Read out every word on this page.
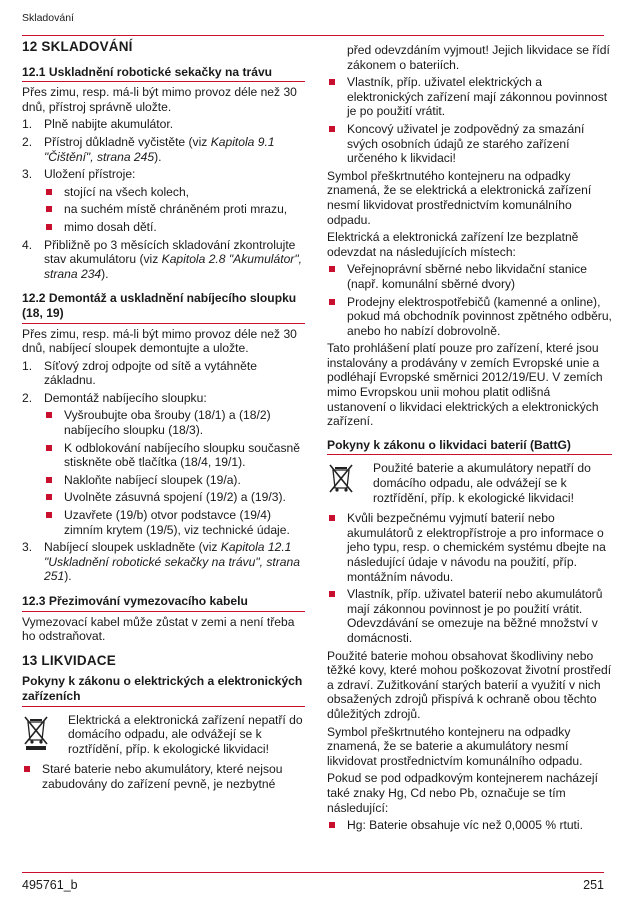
Skladování
12 SKLADOVÁNÍ
12.1 Uskladnění robotické sekačky na trávu
Přes zimu, resp. má-li být mimo provoz déle než 30 dnů, přístroj správně uložte.
1. Plně nabijte akumulátor.
2. Přístroj důkladně vyčistěte (viz Kapitola 9.1 "Čištění", strana 245).
3. Uložení přístroje:
stojící na všech kolech,
na suchém místě chráněném proti mrazu,
mimo dosah dětí.
4. Přibližně po 3 měsících skladování zkontrolujte stav akumulátoru (viz Kapitola 2.8 "Akumulátor", strana 234).
12.2 Demontáž a uskladnění nabíjecího sloupku (18, 19)
Přes zimu, resp. má-li být mimo provoz déle než 30 dnů, nabíjecí sloupek demontujte a uložte.
1. Síťový zdroj odpojte od sítě a vytáhněte základnu.
2. Demontáž nabíjecího sloupku:
Vyšroubujte oba šrouby (18/1) a (18/2) nabíjecího sloupku (18/3).
K odblokování nabíjecího sloupku současně stiskněte obě tlačítka (18/4, 19/1).
Nakloňte nabíjecí sloupek (19/a).
Uvolněte zásuvná spojení (19/2) a (19/3).
Uzavřete (19/b) otvor podstavce (19/4) zimním krytem (19/5), viz technické údaje.
3. Nabíjecí sloupek uskladněte (viz Kapitola 12.1 "Uskladnění robotické sekačky na trávu", strana 251).
12.3 Přezimování vymezovacího kabelu
Vymezovací kabel může zůstat v zemi a není třeba ho odstraňovat.
13 LIKVIDACE
Pokyny k zákonu o elektrických a elektronických zařízeních
Elektrická a elektronická zařízení nepatří do domácího odpadu, ale odvážejí se k roztřídění, příp. k ekologické likvidaci!
Staré baterie nebo akumulátory, které nejsou zabudovány do zařízení pevně, je nezbytné
před odevzdáním vyjmout! Jejich likvidace se řídí zákonem o bateriích.
Vlastník, příp. uživatel elektrických a elektronických zařízení mají zákonnou povinnost je po použití vrátit.
Koncový uživatel je zodpovědný za smazání svých osobních údajů ze starého zařízení určeného k likvidaci!
Symbol přeškrtnutého kontejneru na odpadky znamená, že se elektrická a elektronická zařízení nesmí likvidovat prostřednictvím komunálního odpadu.
Elektrická a elektronická zařízení lze bezplatně odevzdat na následujících místech:
Veřejnoprávní sběrné nebo likvidační stanice (např. komunální sběrné dvory)
Prodejny elektrospotřebičů (kamenné a online), pokud má obchodník povinnost zpětného odběru, anebo ho nabízí dobrovolně.
Tato prohlášení platí pouze pro zařízení, které jsou instalovány a prodávány v zemích Evropské unie a podléhají Evropské směrnici 2012/19/EU. V zemích mimo Evropskou unii mohou platit odlišná ustanovení o likvidaci elektrických a elektronických zařízení.
Pokyny k zákonu o likvidaci baterií (BattG)
Použité baterie a akumulátory nepatří do domácího odpadu, ale odvážejí se k roztřídění, příp. k ekologické likvidaci!
Kvůli bezpečnému vyjmutí baterií nebo akumulátorů z elektropřístroje a pro informace o jeho typu, resp. o chemickém systému dbejte na následující údaje v návodu na použití, příp. montážním návodu.
Vlastník, příp. uživatel baterií nebo akumulátorů mají zákonnou povinnost je po použití vrátit. Odevzdávání se omezuje na běžné množství v domácnosti.
Použité baterie mohou obsahovat škodliviny nebo těžké kovy, které mohou poškozovat životní prostředí a zdraví. Zužitkování starých baterií a využití v nich obsažených zdrojů přispívá k ochraně obou těchto důležitých zdrojů.
Symbol přeškrtnutého kontejneru na odpadky znamená, že se baterie a akumulátory nesmí likvidovat prostřednictvím komunálního odpadu.
Pokud se pod odpadkovým kontejnerem nacházejí také znaky Hg, Cd nebo Pb, označuje se tím následující:
Hg: Baterie obsahuje víc než 0,0005 % rtuti.
495761_b	251
